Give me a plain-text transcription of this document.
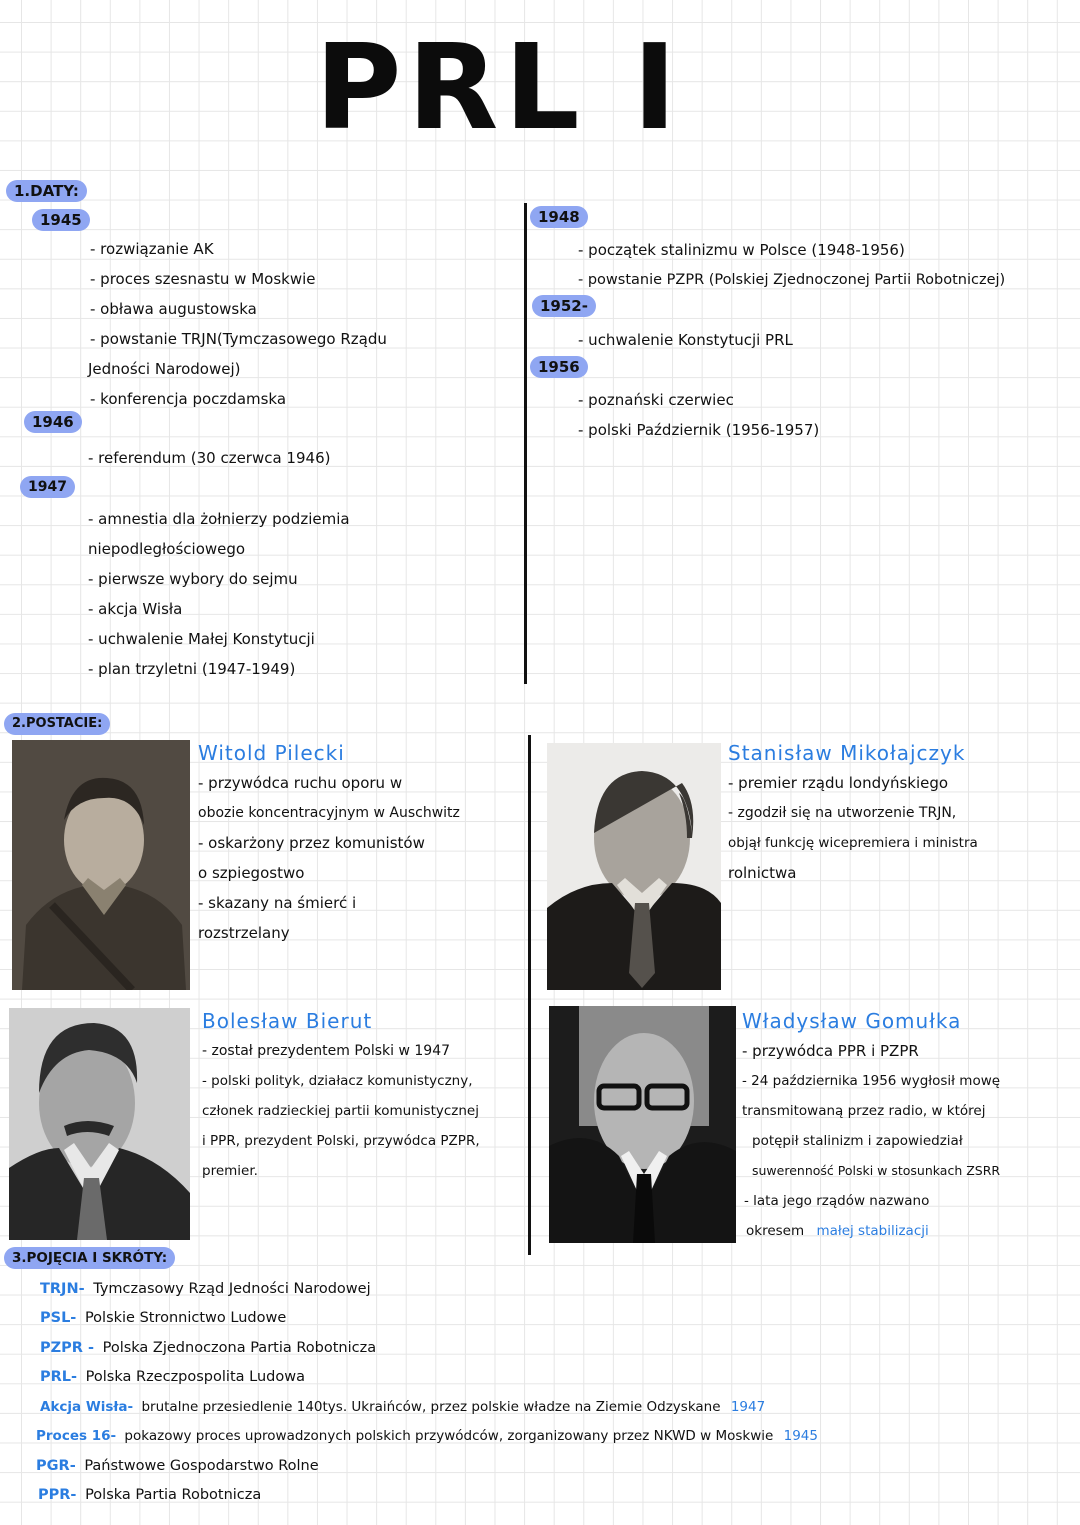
PRL I
1.DATY:
1945
- rozwiązanie AK
- proces szesnastu w Moskwie
- obława augustowska
- powstanie TRJN(Tymczasowego Rządu
Jedności Narodowej)
- konferencja poczdamska
1946
- referendum (30 czerwca 1946)
1947
- amnestia dla żołnierzy podziemia
niepodległościowego
- pierwsze wybory do sejmu
- akcja Wisła
- uchwalenie Małej Konstytucji
- plan trzyletni (1947-1949)
1948
- początek stalinizmu w Polsce (1948-1956)
- powstanie PZPR (Polskiej Zjednoczonej Partii Robotniczej)
1952-
- uchwalenie Konstytucji PRL
1956
- poznański czerwiec
- polski Październik (1956-1957)
2.POSTACIE:
Witold Pilecki
- przywódca ruchu oporu w
obozie koncentracyjnym w Auschwitz
- oskarżony przez komunistów
o szpiegostwo
- skazany na śmierć i
rozstrzelany
Stanisław Mikołajczyk
- premier rządu londyńskiego
- zgodził się na utworzenie TRJN,
objął funkcję wicepremiera i ministra
rolnictwa
Bolesław Bierut
- został prezydentem Polski w 1947
- polski polityk, działacz komunistyczny,
członek radzieckiej partii komunistycznej
i PPR, prezydent Polski, przywódca PZPR,
premier.
Władysław Gomułka
- przywódca PPR i PZPR
- 24 października 1956 wygłosił mowę
transmitowaną przez radio, w której
potępił stalinizm i zapowiedział
suwerenność Polski w stosunkach ZSRR
- lata jego rządów nazwano
okresem małej stabilizacji
3.POJĘCIA I SKRÓTY:
TRJN- Tymczasowy Rząd Jedności Narodowej
PSL- Polskie Stronnictwo Ludowe
PZPR - Polska Zjednoczona Partia Robotnicza
PRL- Polska Rzeczpospolita Ludowa
Akcja Wisła- brutalne przesiedlenie 140tys. Ukraińców, przez polskie władze na Ziemie Odzyskane 1947
Proces 16- pokazowy proces uprowadzonych polskich przywódców, zorganizowany przez NKWD w Moskwie 1945
PGR- Państwowe Gospodarstwo Rolne
PPR- Polska Partia Robotnicza
